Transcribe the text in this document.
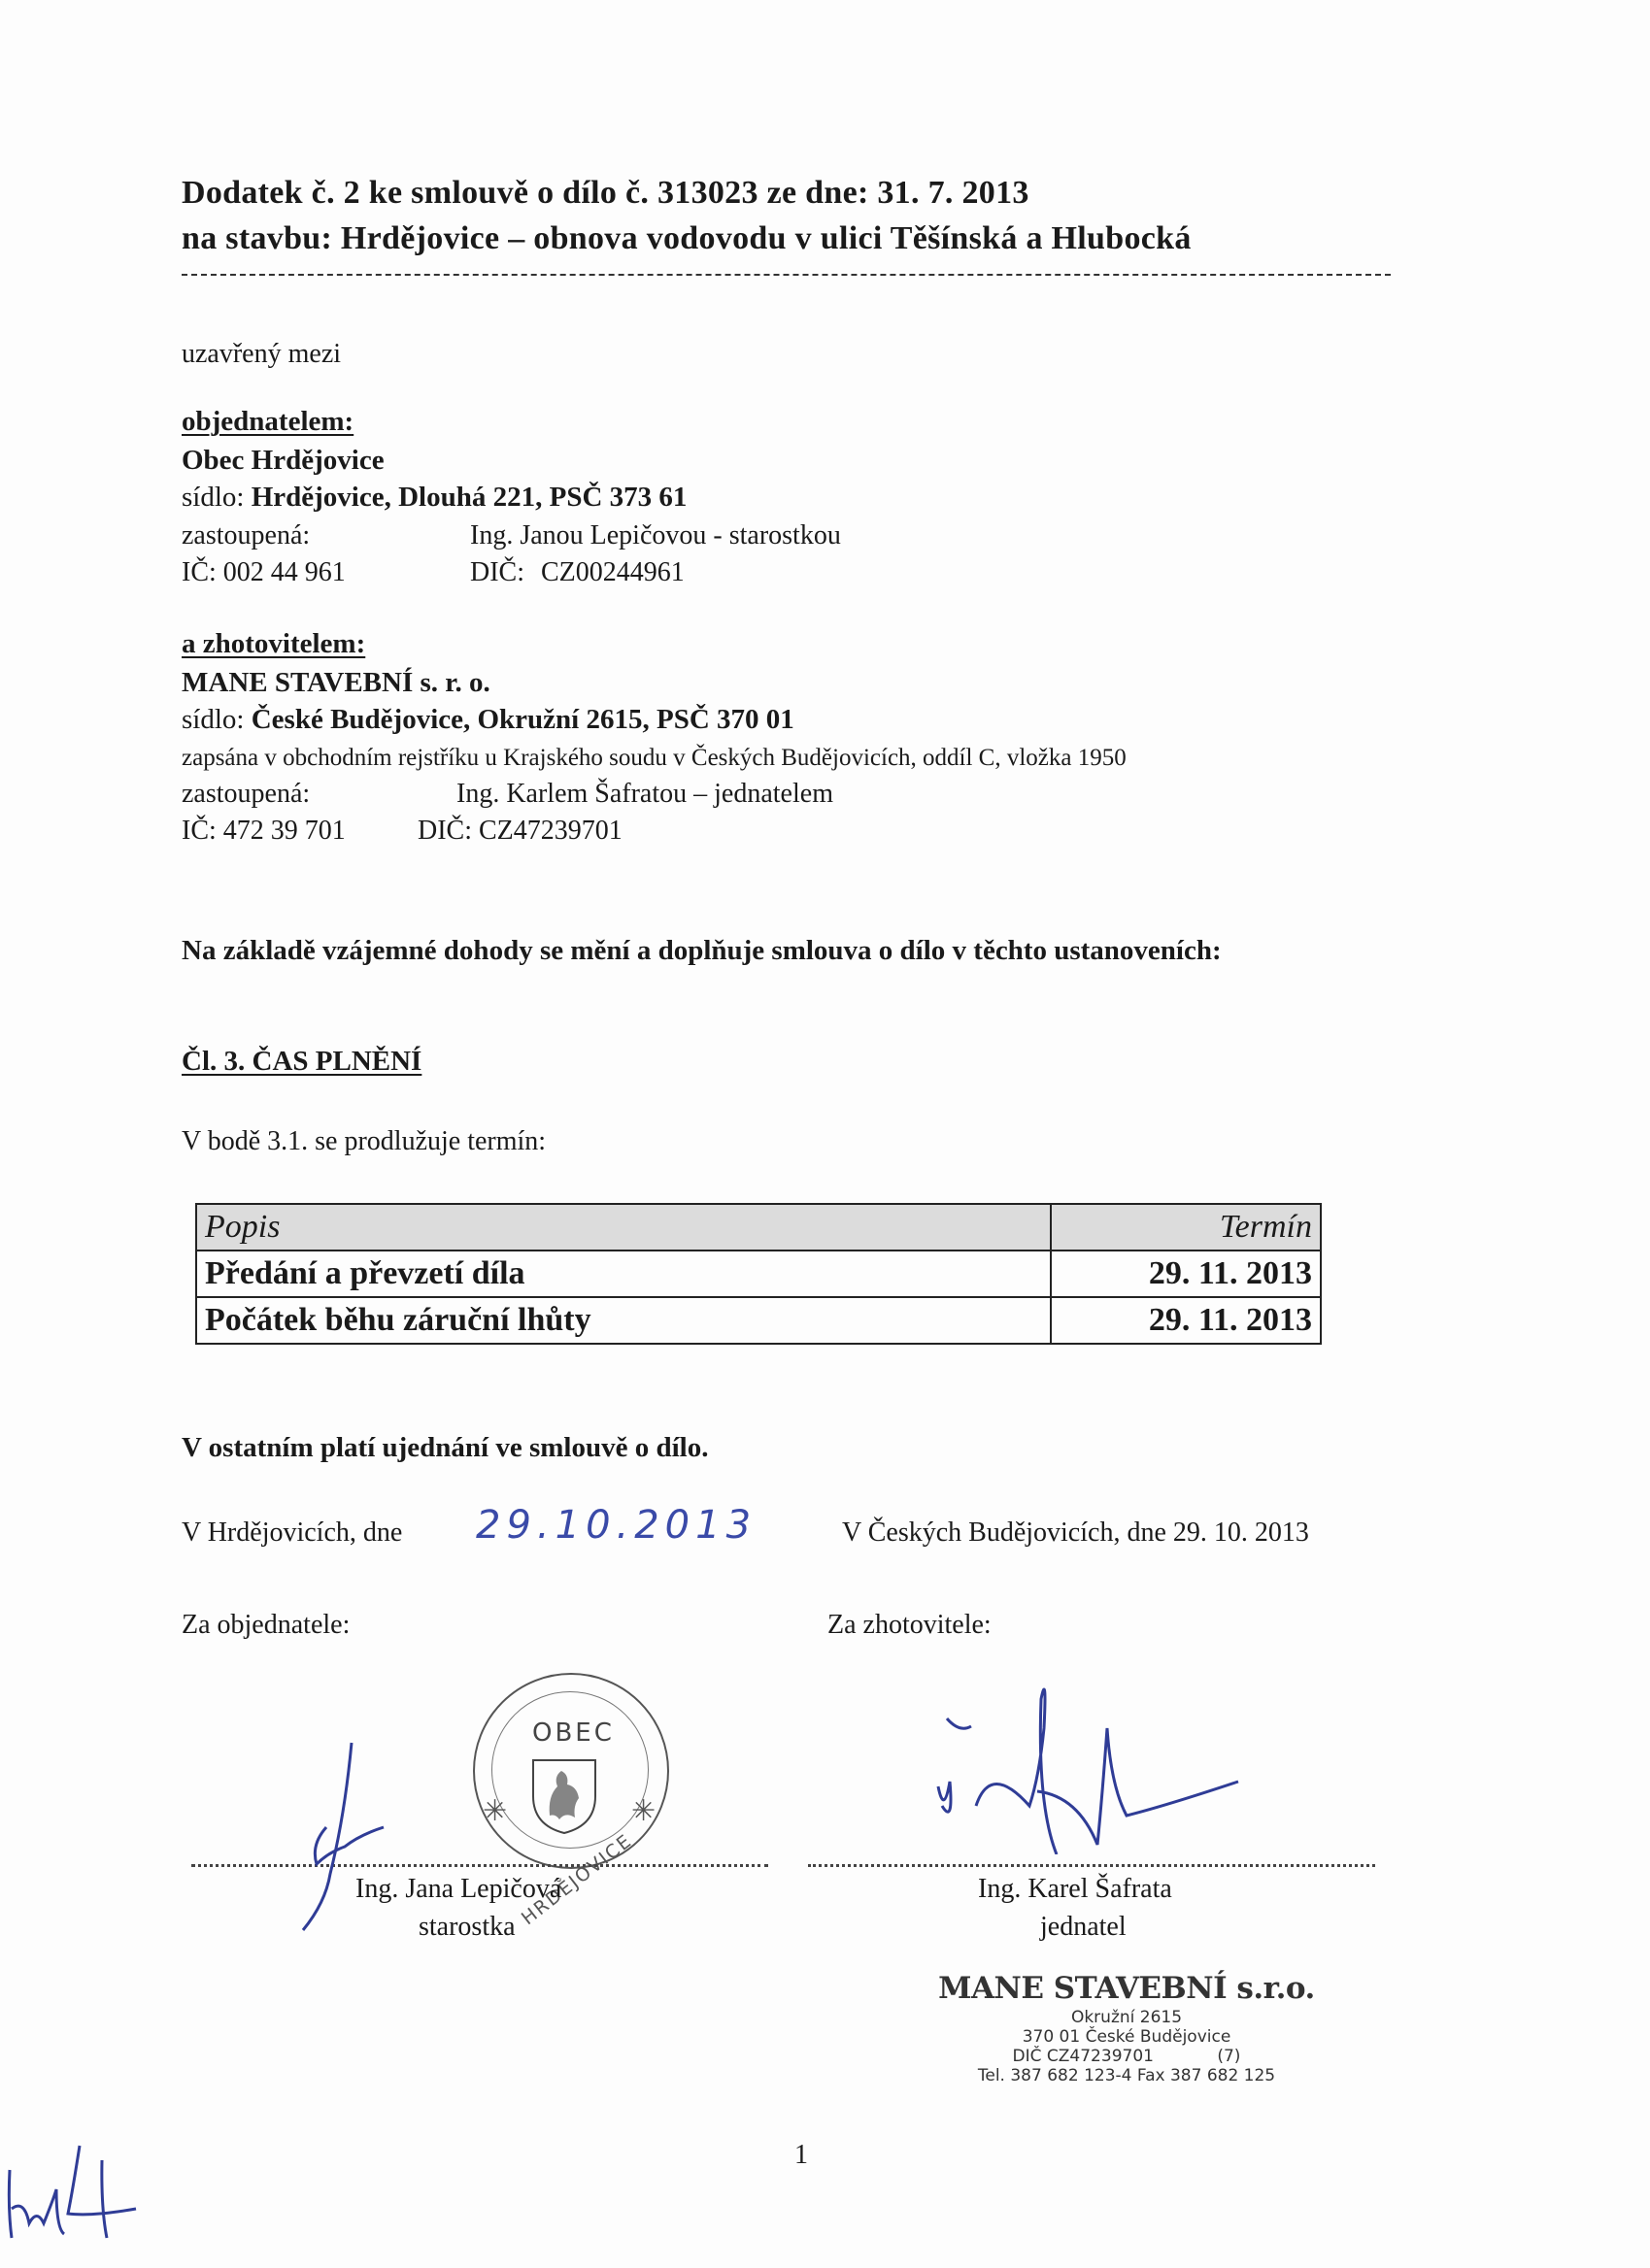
Dodatek č. 2 ke smlouvě o dílo č. 313023 ze dne: 31. 7. 2013
na stavbu: Hrdějovice – obnova vodovodu v ulici Těšínská a Hlubocká
uzavřený mezi
objednatelem:
Obec Hrdějovice
sídlo: Hrdějovice, Dlouhá 221, PSČ 373 61
zastoupená:	Ing. Janou Lepičovou - starostkou
IČ: 002 44 961	DIČ: CZ00244961
a zhotovitelem:
MANE STAVEBNÍ s. r. o.
sídlo: České Budějovice, Okružní 2615, PSČ 370 01
zapsána v obchodním rejstříku u Krajského soudu v Českých Budějovicích, oddíl C, vložka 1950
zastoupená:	Ing. Karlem Šafratou – jednatelem
IČ: 472 39 701	DIČ: CZ47239701
Na základě vzájemné dohody se mění a doplňuje smlouva o dílo v těchto ustanoveních:
Čl. 3. ČAS PLNĚNÍ
V bodě 3.1. se prodlužuje termín:
Popis	Termín
Předání a převzetí díla	29. 11. 2013
Počátek běhu záruční lhůty	29. 11. 2013
V ostatním platí ujednání ve smlouvě o dílo.
V Hrdějovicích, dne 29.10.2013	V Českých Budějovicích, dne 29. 10. 2013
Za objednatele:	Za zhotovitele:
OBEC
✳	✳
HRDĚJOVICE
Ing. Jana Lepičová
starostka
Ing. Karel Šafrata
jednatel
MANE STAVEBNÍ s.r.o.
Okružní 2615
370 01 České Budějovice
DIČ CZ47239701	(7)
Tel. 387 682 123-4 Fax 387 682 125
1
